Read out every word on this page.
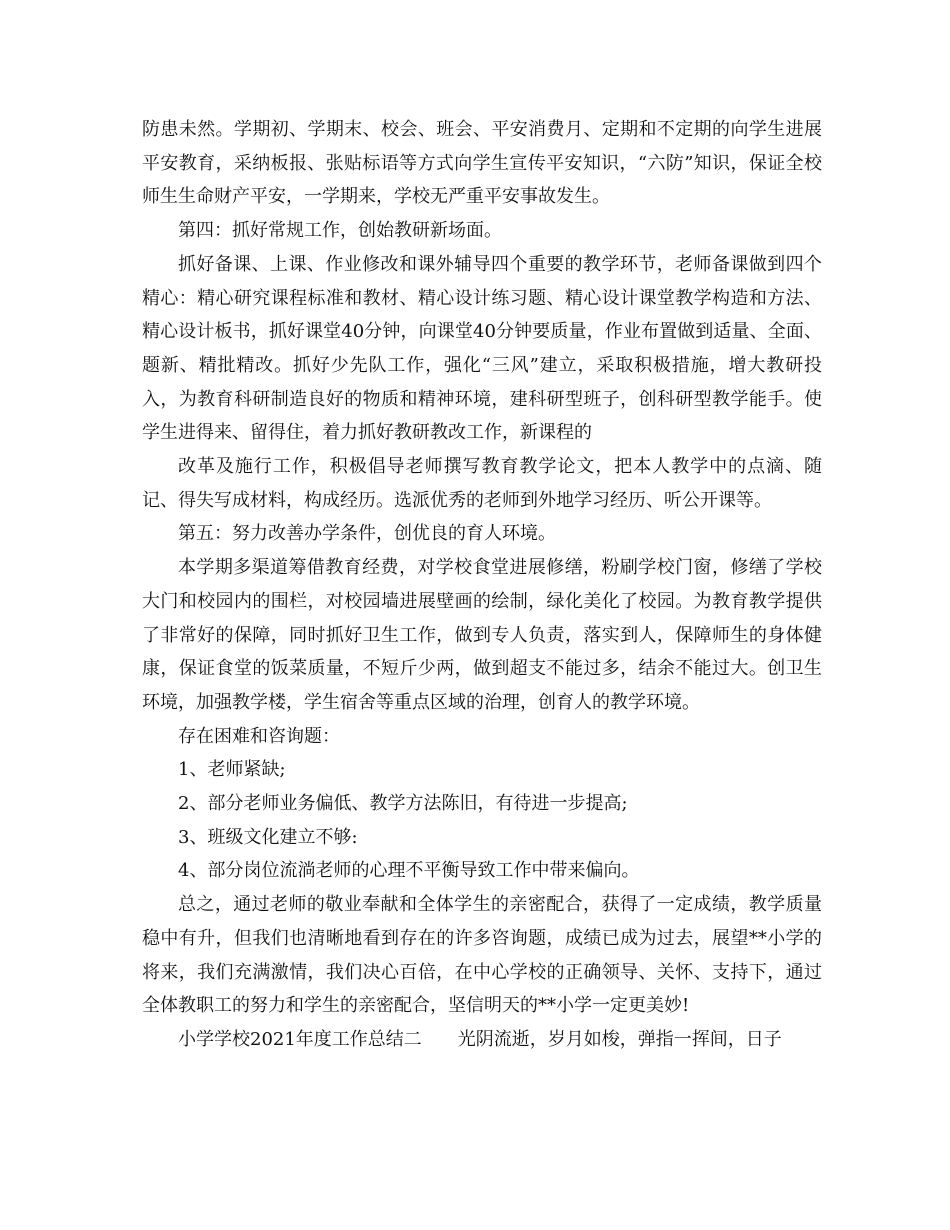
防患未然。学期初、学期末、校会、班会、平安消费月、定期和不定期的向学生进展平安教育，采纳板报、张贴标语等方式向学生宣传平安知识，“六防”知识，保证全校师生生命财产平安，一学期来，学校无严重平安事故发生。

第四：抓好常规工作，创始教研新场面。

抓好备课、上课、作业修改和课外辅导四个重要的教学环节，老师备课做到四个精心：精心研究课程标准和教材、精心设计练习题、精心设计课堂教学构造和方法、精心设计板书，抓好课堂40分钟，向课堂40分钟要质量，作业布置做到适量、全面、题新、精批精改。抓好少先队工作，强化“三风”建立，采取积极措施，增大教研投入，为教育科研制造良好的物质和精神环境，建科研型班子，创科研型教学能手。使学生进得来、留得住，着力抓好教研教改工作，新课程的

改革及施行工作，积极倡导老师撰写教育教学论文，把本人教学中的点滴、随记、得失写成材料，构成经历。选派优秀的老师到外地学习经历、听公开课等。

第五：努力改善办学条件，创优良的育人环境。

本学期多渠道筹借教育经费，对学校食堂进展修缮，粉刷学校门窗，修缮了学校大门和校园内的围栏，对校园墙进展壁画的绘制，绿化美化了校园。为教育教学提供了非常好的保障，同时抓好卫生工作，做到专人负责，落实到人，保障师生的身体健康，保证食堂的饭菜质量，不短斤少两，做到超支不能过多，结余不能过大。创卫生环境，加强教学楼，学生宿舍等重点区域的治理，创育人的教学环境。

存在困难和咨询题：

1、老师紧缺;

2、部分老师业务偏低、教学方法陈旧，有待进一步提高;

3、班级文化建立不够:

4、部分岗位流淌老师的心理不平衡导致工作中带来偏向。

总之，通过老师的敬业奉献和全体学生的亲密配合，获得了一定成绩，教学质量稳中有升，但我们也清晰地看到存在的许多咨询题，成绩已成为过去，展望**小学的将来，我们充满激情，我们决心百倍，在中心学校的正确领导、关怀、支持下，通过全体教职工的努力和学生的亲密配合，坚信明天的**小学一定更美妙!

小学学校2021年度工作总结二　　光阴流逝，岁月如梭，弹指一挥间，日子
